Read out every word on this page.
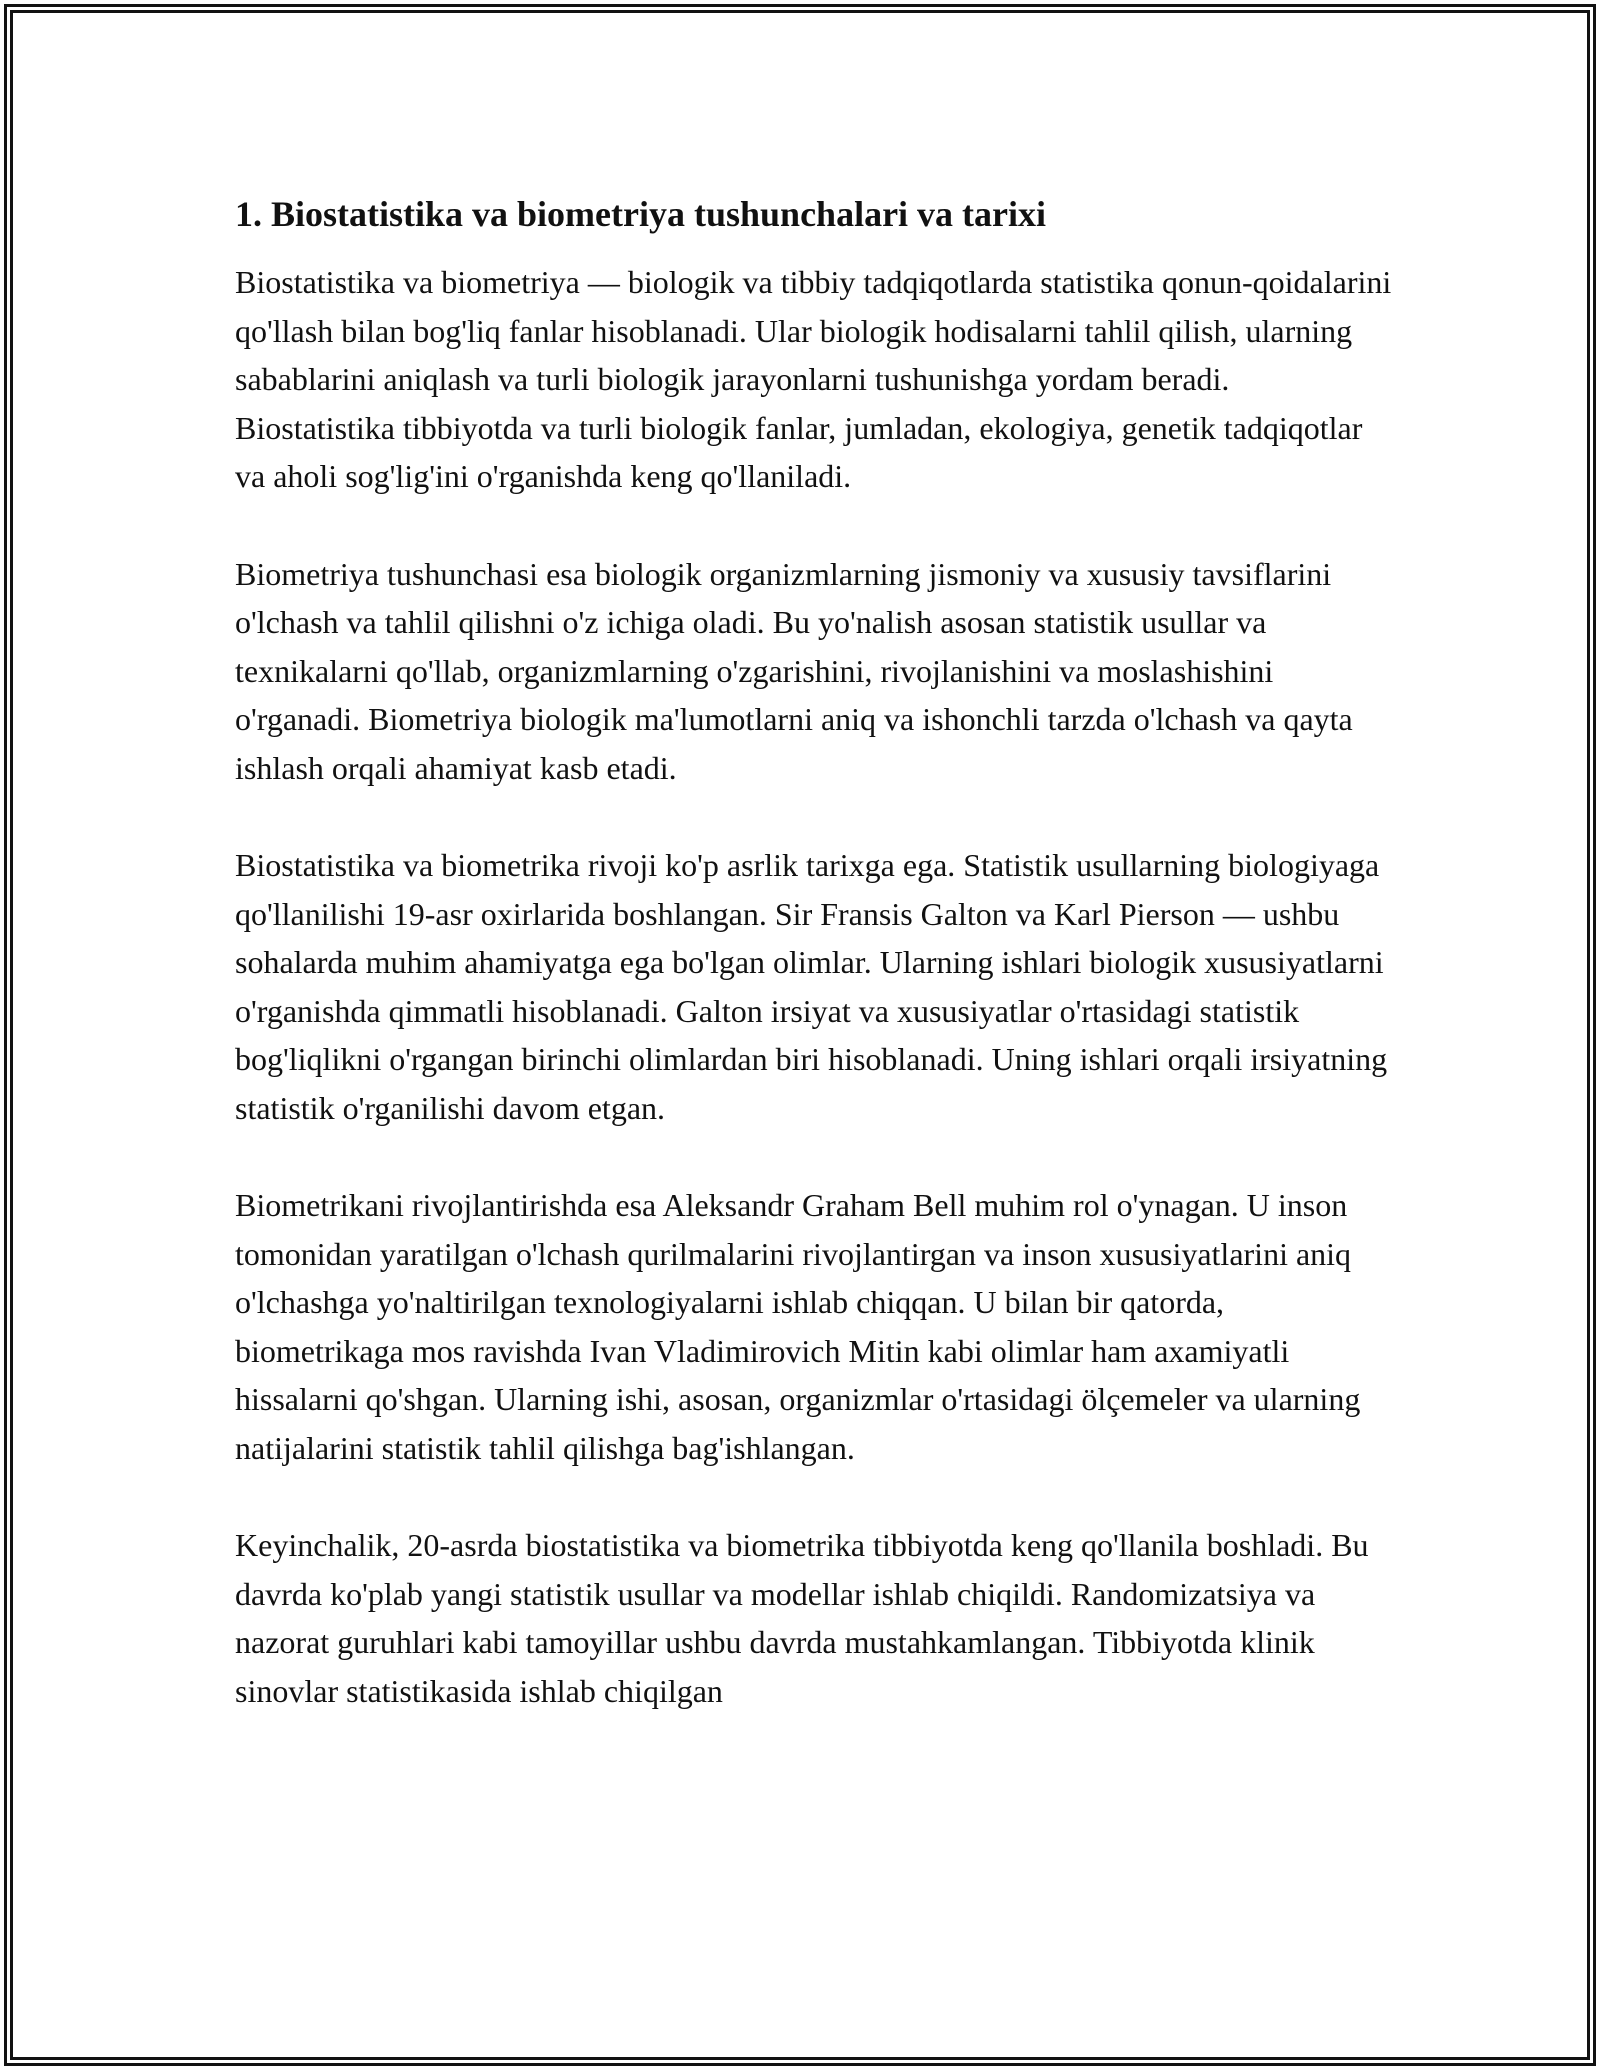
1. Biostatistika va biometriya tushunchalari va tarixi

Biostatistika va biometriya — biologik va tibbiy tadqiqotlarda statistika qonun-qoidalarini qo'llash bilan bog'liq fanlar hisoblanadi. Ular biologik hodisalarni tahlil qilish, ularning sabablarini aniqlash va turli biologik jarayonlarni tushunishga yordam beradi. Biostatistika tibbiyotda va turli biologik fanlar, jumladan, ekologiya, genetik tadqiqotlar va aholi sog'lig'ini o'rganishda keng qo'llaniladi.

Biometriya tushunchasi esa biologik organizmlarning jismoniy va xususiy tavsiflarini o'lchash va tahlil qilishni o'z ichiga oladi. Bu yo'nalish asosan statistik usullar va texnikalarni qo'llab, organizmlarning o'zgarishini, rivojlanishini va moslashishini o'rganadi. Biometriya biologik ma'lumotlarni aniq va ishonchli tarzda o'lchash va qayta ishlash orqali ahamiyat kasb etadi.

Biostatistika va biometrika rivoji ko'p asrlik tarixga ega. Statistik usullarning biologiyaga qo'llanilishi 19-asr oxirlarida boshlangan. Sir Fransis Galton va Karl Pierson — ushbu sohalarda muhim ahamiyatga ega bo'lgan olimlar. Ularning ishlari biologik xususiyatlarni o'rganishda qimmatli hisoblanadi. Galton irsiyat va xususiyatlar o'rtasidagi statistik bog'liqlikni o'rgangan birinchi olimlardan biri hisoblanadi. Uning ishlari orqali irsiyatning statistik o'rganilishi davom etgan.

Biometrikani rivojlantirishda esa Aleksandr Graham Bell muhim rol o'ynagan. U inson tomonidan yaratilgan o'lchash qurilmalarini rivojlantirgan va inson xususiyatlarini aniq o'lchashga yo'naltirilgan texnologiyalarni ishlab chiqqan. U bilan bir qatorda, biometrikaga mos ravishda Ivan Vladimirovich Mitin kabi olimlar ham axamiyatli hissalarni qo'shgan. Ularning ishi, asosan, organizmlar o'rtasidagi ölçemeler va ularning natijalarini statistik tahlil qilishga bag'ishlangan.

Keyinchalik, 20-asrda biostatistika va biometrika tibbiyotda keng qo'llanila boshladi. Bu davrda ko'plab yangi statistik usullar va modellar ishlab chiqildi. Randomizatsiya va nazorat guruhlari kabi tamoyillar ushbu davrda mustahkamlangan. Tibbiyotda klinik sinovlar statistikasida ishlab chiqilgan
